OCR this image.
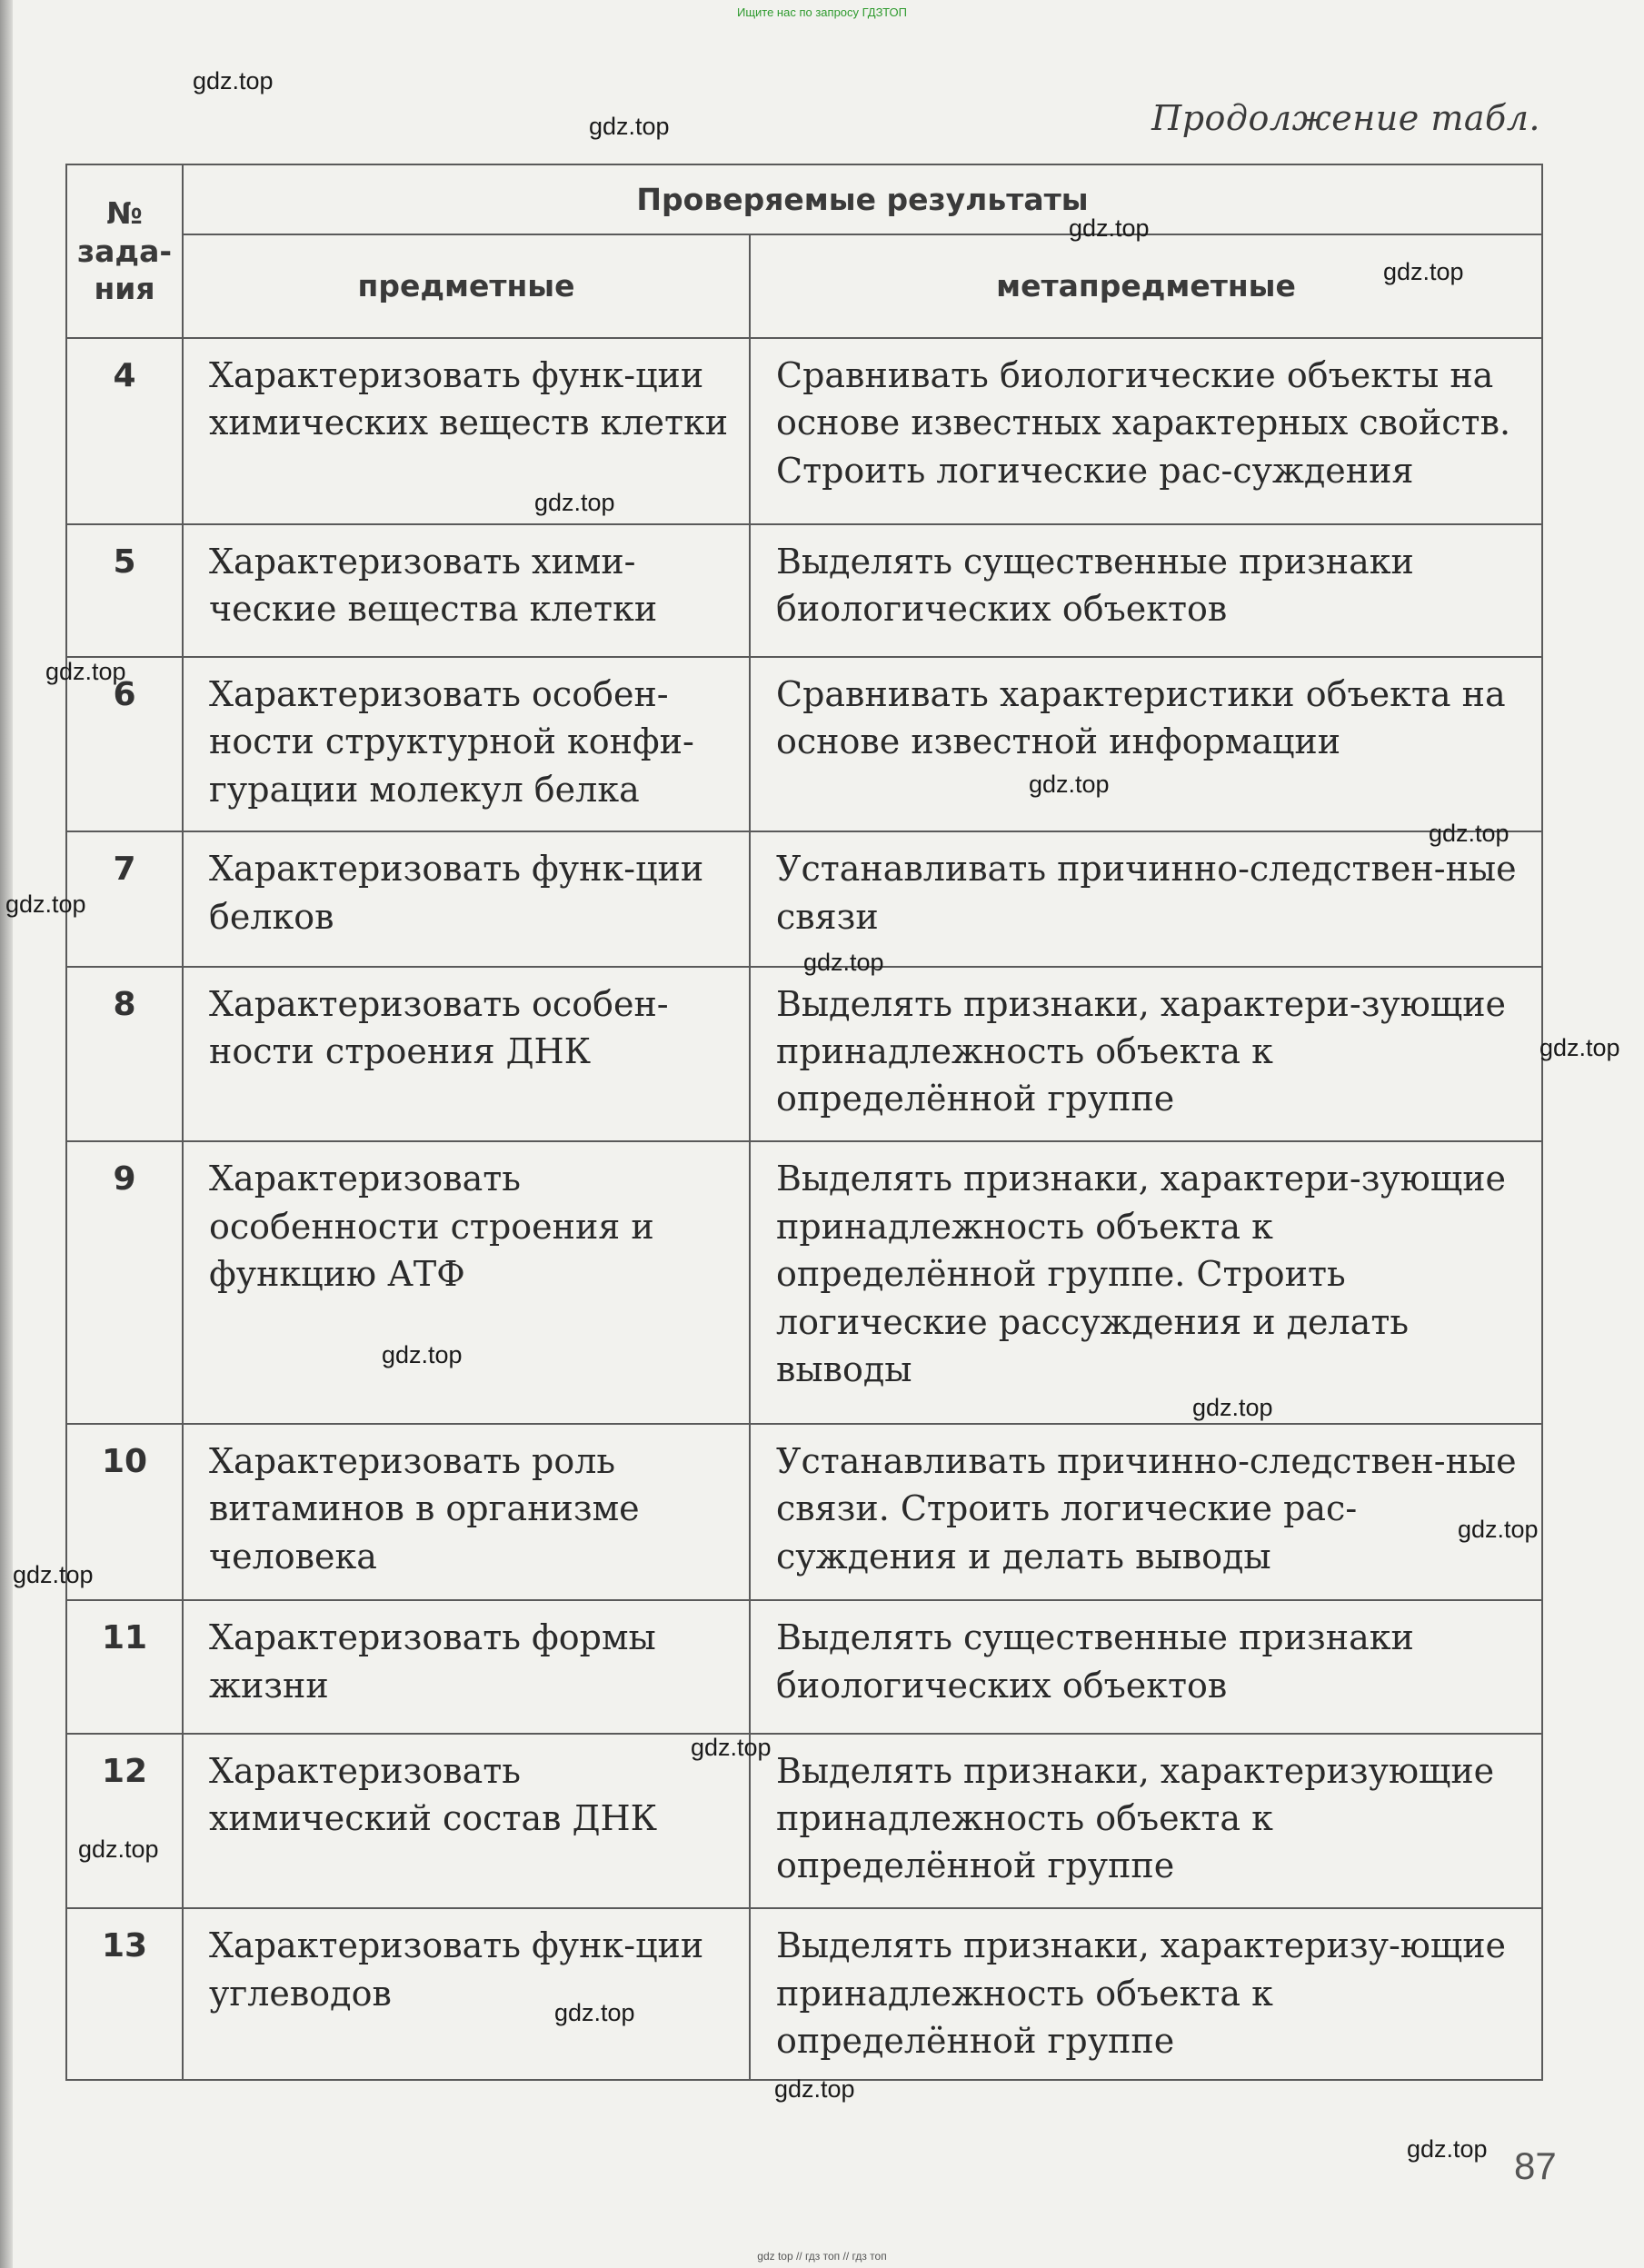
Ищите нас по запросу ГДЗТОП
Продолжение табл.
№ зада-ния	Проверяемые результаты	
	предметные	метапредметные
4	Характеризовать функ-ции химических веществ клетки	Сравнивать биологические объекты на основе известных характерных свойств. Строить логические рас-суждения
5	Характеризовать хими-ческие вещества клетки	Выделять существенные признаки биологических объектов
6	Характеризовать особен-ности структурной конфи-гурации молекул белка	Сравнивать характеристики объекта на основе известной информации
7	Характеризовать функ-ции белков	Устанавливать причинно-следствен-ные связи
8	Характеризовать особен-ности строения ДНК	Выделять признаки, характери-зующие принадлежность объекта к определённой группе
9	Характеризовать особенности строения и функцию АТФ	Выделять признаки, характери-зующие принадлежность объекта к определённой группе. Строить логические рассуждения и делать выводы
10	Характеризовать роль витаминов в организме человека	Устанавливать причинно-следствен-ные связи. Строить логические рас-суждения и делать выводы
11	Характеризовать формы жизни	Выделять существенные признаки биологических объектов
12	Характеризовать химический состав ДНК	Выделять признаки, характеризующие принадлежность объекта к определённой группе
13	Характеризовать функ-ции углеводов	Выделять признаки, характеризу-ющие принадлежность объекта к определённой группе
gdz.top
gdz.top
gdz.top
gdz.top
gdz.top
gdz.top
gdz.top
gdz.top
gdz.top
gdz.top
gdz.top
gdz.top
gdz.top
gdz.top
gdz.top
gdz.top
gdz.top
gdz.top
gdz.top
gdz.top 87
gdz top // гдз топ // гдз топ
